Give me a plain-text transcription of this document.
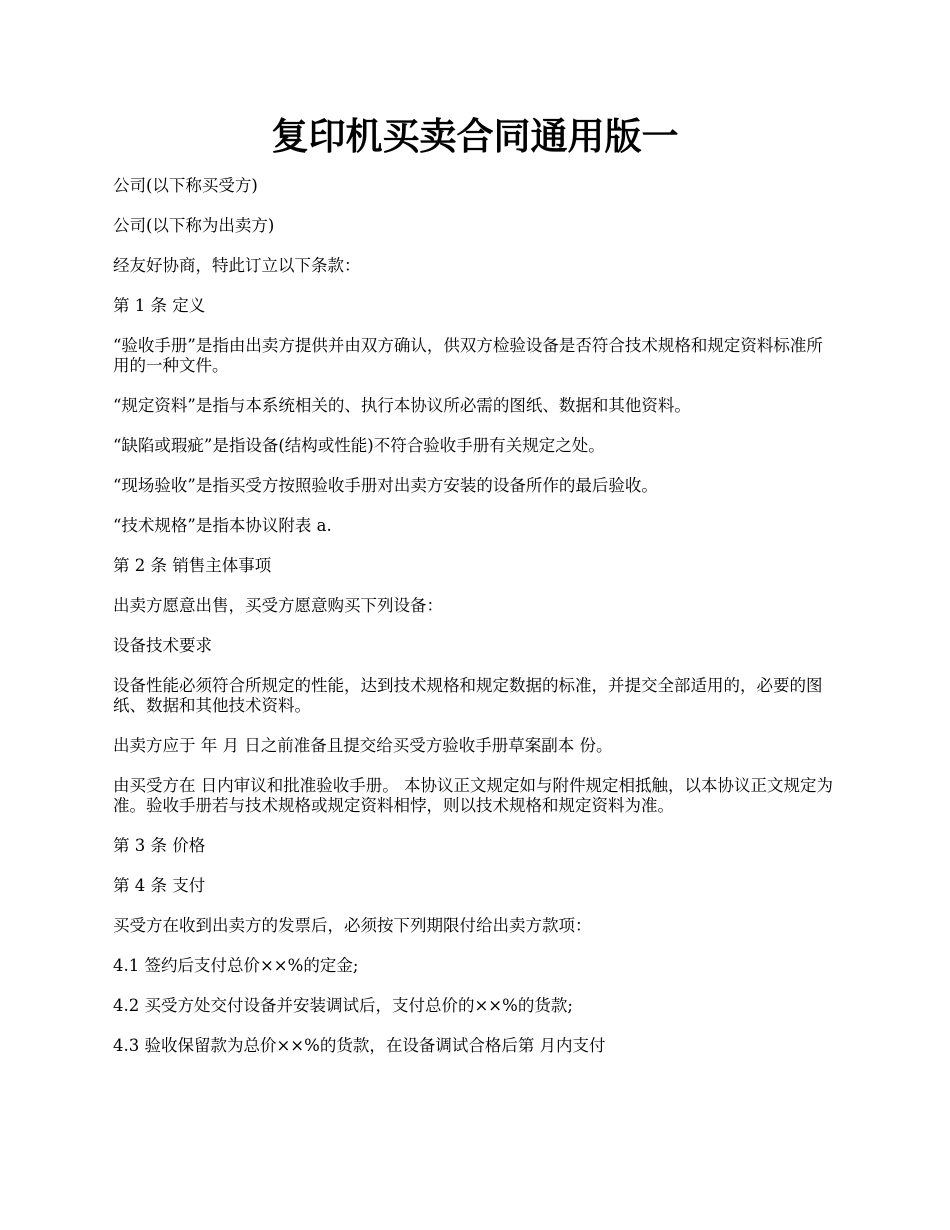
复印机买卖合同通用版一

公司(以下称买受方)

公司(以下称为出卖方)

经友好协商，特此订立以下条款：

第 1 条 定义

“验收手册”是指由出卖方提供并由双方确认，供双方检验设备是否符合技术规格和规定资料标准所用的一种文件。

“规定资料”是指与本系统相关的、执行本协议所必需的图纸、数据和其他资料。

“缺陷或瑕疵”是指设备(结构或性能)不符合验收手册有关规定之处。

“现场验收”是指买受方按照验收手册对出卖方安装的设备所作的最后验收。

“技术规格”是指本协议附表 a.

第 2 条 销售主体事项

出卖方愿意出售，买受方愿意购买下列设备：

设备技术要求

设备性能必须符合所规定的性能，达到技术规格和规定数据的标准，并提交全部适用的，必要的图纸、数据和其他技术资料。

出卖方应于 年 月 日之前准备且提交给买受方验收手册草案副本 份。

由买受方在 日内审议和批准验收手册。 本协议正文规定如与附件规定相抵触，以本协议正文规定为准。验收手册若与技术规格或规定资料相悖，则以技术规格和规定资料为准。

第 3 条 价格

第 4 条 支付

买受方在收到出卖方的发票后，必须按下列期限付给出卖方款项：

4.1 签约后支付总价××%的定金;

4.2 买受方处交付设备并安装调试后，支付总价的××%的货款;

4.3 验收保留款为总价××%的货款，在设备调试合格后第 月内支付
